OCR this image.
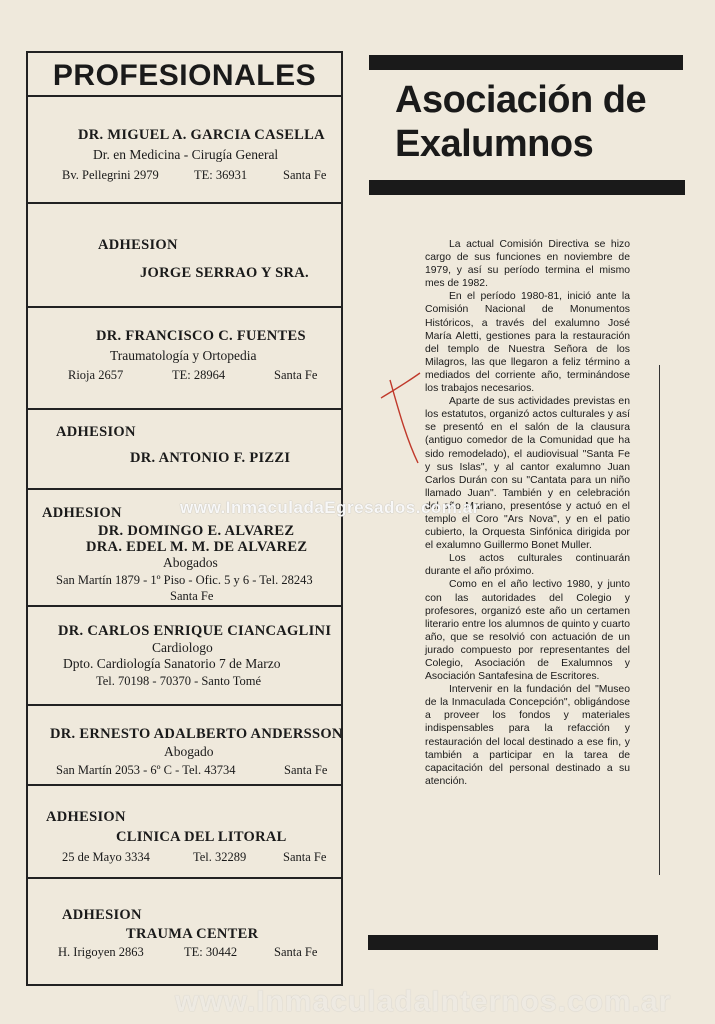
PROFESIONALES
DR. MIGUEL A. GARCIA CASELLA
Dr. en Medicina - Cirugía General
Bv. Pellegrini 2979	TE: 36931	Santa Fe
ADHESION
JORGE SERRAO Y SRA.
DR. FRANCISCO C. FUENTES
Traumatología y Ortopedia
Rioja 2657	TE: 28964	Santa Fe
ADHESION
DR. ANTONIO F. PIZZI
ADHESION
DR. DOMINGO E. ALVAREZ
DRA. EDEL M. M. DE ALVAREZ
Abogados
San Martín 1879 - 1º Piso - Ofic. 5 y 6 - Tel. 28243
Santa Fe
DR. CARLOS ENRIQUE CIANCAGLINI
Cardiologo
Dpto. Cardiología Sanatorio 7 de Marzo
Tel. 70198 - 70370 - Santo Tomé
DR. ERNESTO ADALBERTO ANDERSSON
Abogado
San Martín 2053 - 6º C - Tel. 43734	Santa Fe
ADHESION
CLINICA DEL LITORAL
25 de Mayo 3334	Tel. 32289	Santa Fe
ADHESION
TRAUMA CENTER
H. Irigoyen 2863	TE: 30442	Santa Fe
Asociación de
Exalumnos

La actual Comisión Directiva se hizo cargo de sus funciones en noviembre de 1979, y así su período termina el mismo mes de 1982.

En el período 1980-81, inició ante la Comisión Nacional de Monumentos Históricos, a través del exalumno José María Aletti, gestiones para la restauración del templo de Nuestra Señora de los Milagros, las que llegaron a feliz término a mediados del corriente año, terminándose los trabajos necesarios.

Aparte de sus actividades previstas en los estatutos, organizó actos culturales y así se presentó en el salón de la clausura (antiguo comedor de la Comunidad que ha sido remodelado), el audiovisual "Santa Fe y sus Islas", y al cantor exalumno Juan Carlos Durán con su "Cantata para un niño llamado Juan". También y en celebración del año Mariano, presentóse y actuó en el templo el Coro "Ars Nova", y en el patio cubierto, la Orquesta Sinfónica dirigida por el exalumno Guillermo Bonet Muller.

Los actos culturales continuarán durante el año próximo.

Como en el año lectivo 1980, y junto con las autoridades del Colegio y profesores, organizó este año un certamen literario entre los alumnos de quinto y cuarto año, que se resolvió con actuación de un jurado compuesto por representantes del Colegio, Asociación de Exalumnos y Asociación Santafesina de Escritores.

Intervenir en la fundación del "Museo de la Inmaculada Concepción", obligándose a proveer los fondos y materiales indispensables para la refacción y restauración del local destinado a ese fin, y también a participar en la tarea de capacitación del personal destinado a su atención.

www.InmaculadaEgresados.com.ar
www.InmaculadaInternos.com.ar
